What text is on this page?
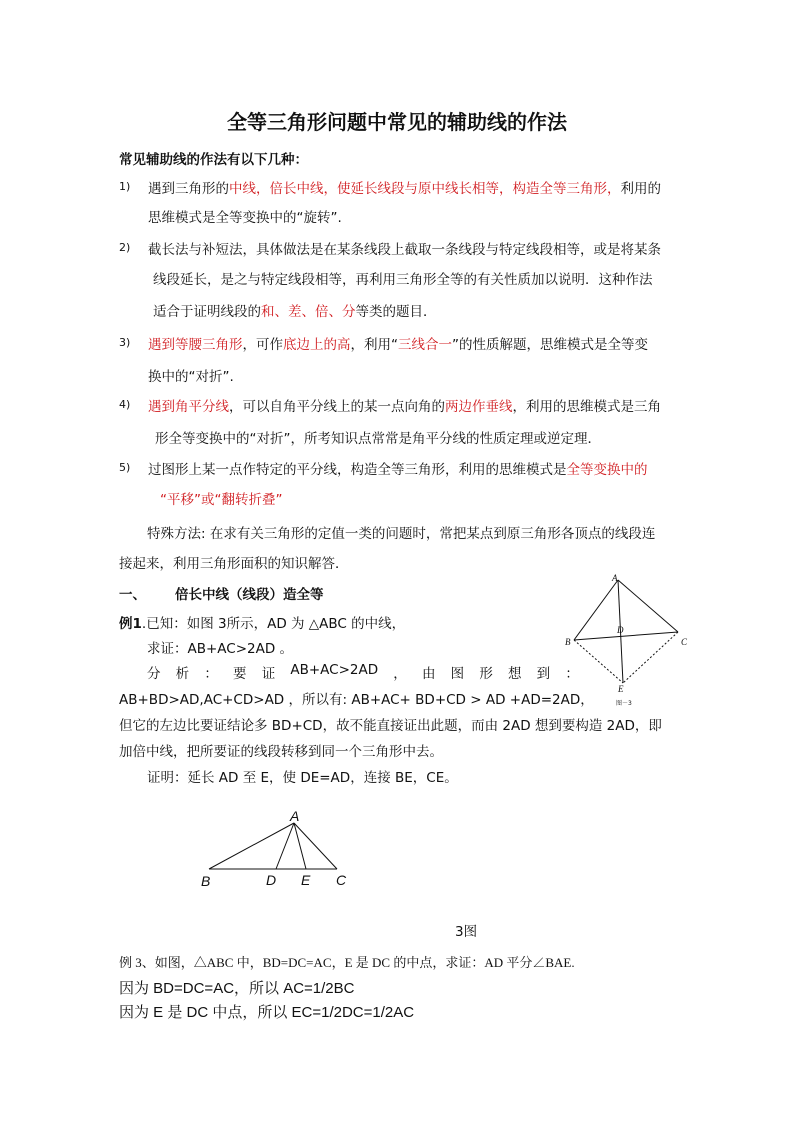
全等三角形问题中常见的辅助线的作法
常见辅助线的作法有以下几种：
1) 遇到三角形的中线，倍长中线，使延长线段与原中线长相等，构造全等三角形，利用的
思维模式是全等变换中的“旋转”.
2) 截长法与补短法，具体做法是在某条线段上截取一条线段与特定线段相等，或是将某条
线段延长，是之与特定线段相等，再利用三角形全等的有关性质加以说明．这种作法
适合于证明线段的和、差、倍、分等类的题目．
3) 遇到等腰三角形，可作底边上的高，利用“三线合一”的性质解题，思维模式是全等变
换中的“对折”.
4) 遇到角平分线，可以自角平分线上的某一点向角的两边作垂线，利用的思维模式是三角
形全等变换中的“对折”，所考知识点常常是角平分线的性质定理或逆定理．
5) 过图形上某一点作特定的平分线，构造全等三角形，利用的思维模式是全等变换中的
“平移”或“翻转折叠”
特殊方法: 在求有关三角形的定值一类的问题时，常把某点到原三角形各顶点的线段连
接起来，利用三角形面积的知识解答．
一、 倍长中线（线段）造全等
例1.已知：如图 3所示，AD 为 △ABC 的中线，
求证：AB+AC>2AD 。
分 析 ： 要 证 AB+AC>2AD ， 由 图 形 想 到 ：
AB+BD>AD,AC+CD>AD ，所以有: AB+AC+ BD+CD > AD +AD=2AD，
但它的左边比要证结论多 BD+CD，故不能直接证出此题，而由 2AD 想到要构造 2AD，即
加倍中线，把所要证的线段转移到同一个三角形中去。
证明：延长 AD 至 E，使 DE=AD，连接 BE，CE。
A
B	C
D
E
图－3
A
B	D E C
3图
例 3、如图，△ABC 中，BD=DC=AC，E 是 DC 的中点，求证：AD 平分∠BAE.
因为 BD=DC=AC，所以 AC=1/2BC
因为 E 是 DC 中点，所以 EC=1/2DC=1/2AC
